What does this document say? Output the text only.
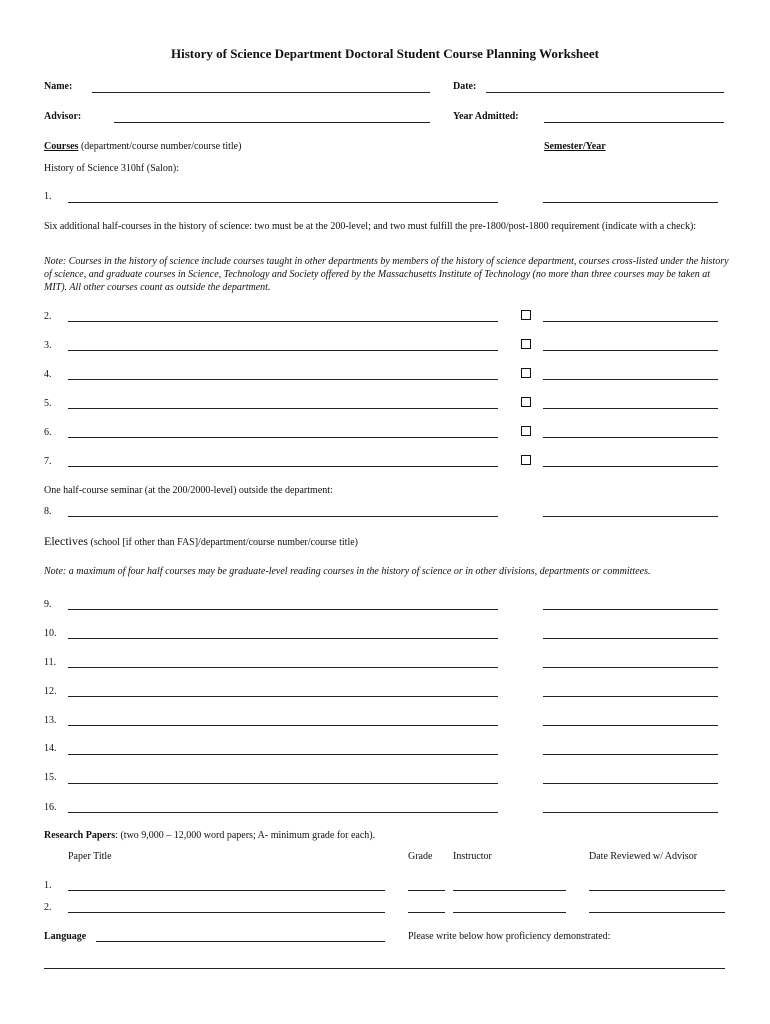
History of Science Department Doctoral Student Course Planning Worksheet
Name:	Date:
Advisor:	Year Admitted:
Courses (department/course number/course title)	Semester/Year
History of Science 310hf (Salon):
1.
Six additional half-courses in the history of science: two must be at the 200-level; and two must fulfill the pre-1800/post-1800 requirement (indicate with a check):
Note: Courses in the history of science include courses taught in other departments by members of the history of science department, courses cross-listed under the history of science, and graduate courses in Science, Technology and Society offered by the Massachusetts Institute of Technology (no more than three courses may be taken at MIT). All other courses count as outside the department.
2.
3.
4.
5.
6.
7.
One half-course seminar (at the 200/2000-level) outside the department:
8.
Electives (school [if other than FAS]/department/course number/course title)
Note: a maximum of four half courses may be graduate-level reading courses in the history of science or in other divisions, departments or committees.
9.
10.
11.
12.
13.
14.
15.
16.
Research Papers: (two 9,000 – 12,000 word papers; A- minimum grade for each).
Paper Title	Grade Instructor	Date Reviewed w/ Advisor
1.
2.
Language	Please write below how proficiency demonstrated:
